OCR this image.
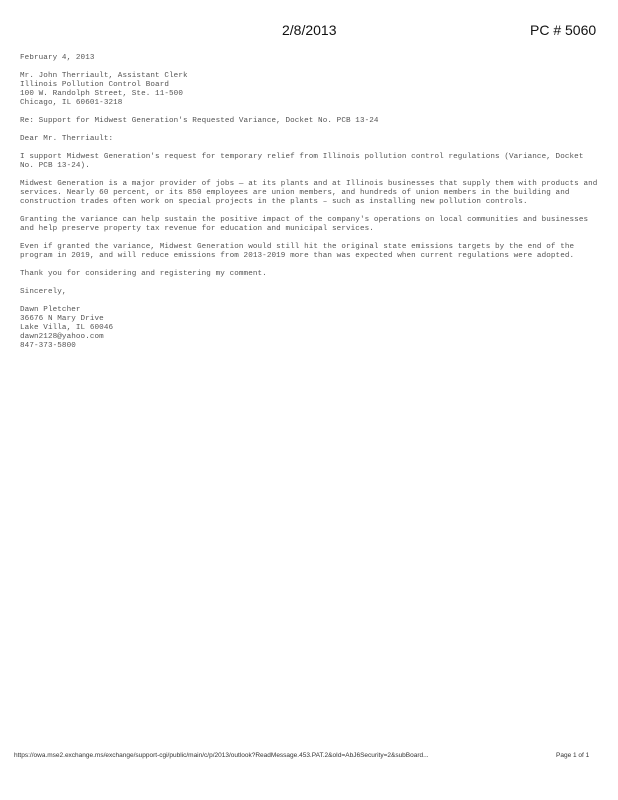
2/8/2013	PC # 5060
February 4, 2013
Mr. John Therriault, Assistant Clerk
Illinois Pollution Control Board
100 W. Randolph Street, Ste. 11-500
Chicago, IL 60601-3218
Re: Support for Midwest Generation's Requested Variance, Docket No. PCB 13-24
Dear Mr. Therriault:

I support Midwest Generation's request for temporary relief from Illinois pollution control regulations (Variance, Docket No. PCB 13-24).

Midwest Generation is a major provider of jobs — at its plants and at Illinois businesses that supply them with products and services. Nearly 60 percent, or its 850 employees are union members, and hundreds of union members in the building and construction trades often work on special projects in the plants – such as installing new pollution controls.

Granting the variance can help sustain the positive impact of the company's operations on local communities and businesses and help preserve property tax revenue for education and municipal services.

Even if granted the variance, Midwest Generation would still hit the original state emissions targets by the end of the program in 2019, and will reduce emissions from 2013-2019 more than was expected when current regulations were adopted.

Thank you for considering and registering my comment.

Sincerely,
Dawn Pletcher
36676 N Mary Drive
Lake Villa, IL 60046
dawn2128@yahoo.com
847-373-5800
https://owa.mse2.exchange.ms/exchange/support-cgi/public/main/c/p/2013/outlook?ReadMessage.453.PAT.2&oId=AbJ6Security=2&subBoard...	Page 1 of 1
